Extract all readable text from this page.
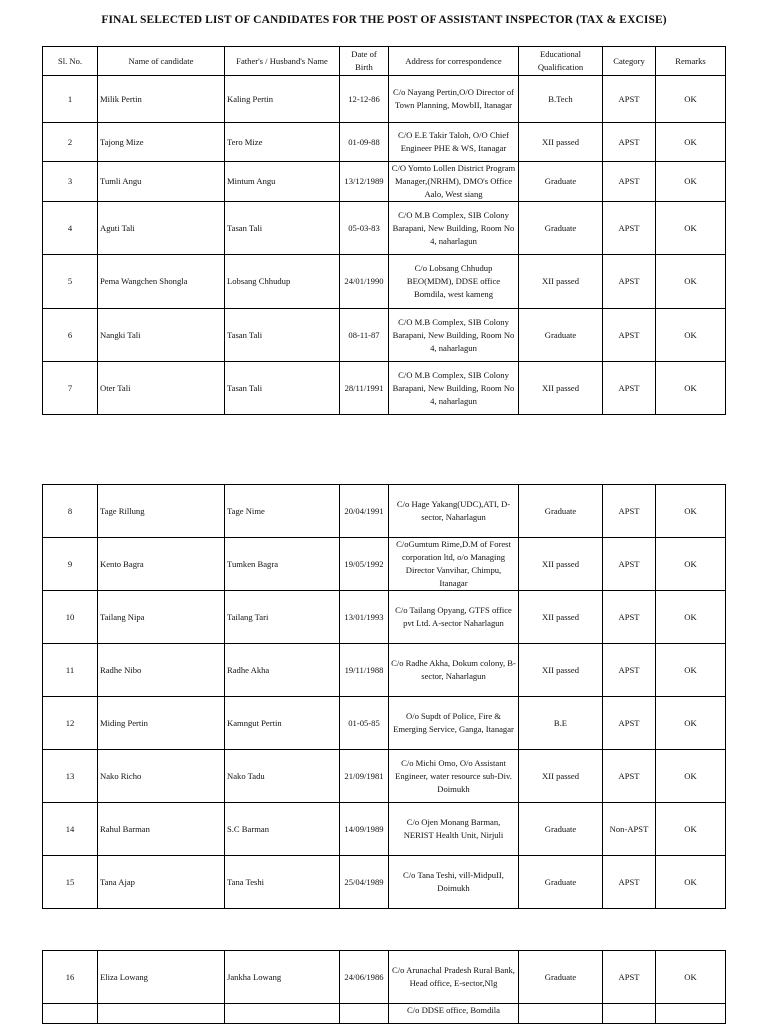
FINAL SELECTED LIST OF CANDIDATES FOR THE POST OF ASSISTANT INSPECTOR (TAX & EXCISE)
Sl. No.	Name of candidate	Father's / Husband's Name	Date of Birth	Address for correspondence	Educational Qualification	Category	Remarks
1	Milik Pertin	Kaling Pertin	12-12-86	C/o Nayang Pertin,O/O Director of Town Planning, MowbII, Itanagar	B.Tech	APST	OK
2	Tajong Mize	Tero Mize	01-09-88	C/O E.E Takir Taloh, O/O Chief Engineer PHE & WS, Itanagar	XII passed	APST	OK
3	Tumli Angu	Mintum Angu	13/12/1989	C/O Yomto Lollen District Program Manager,(NRHM), DMO's Office Aalo, West siang	Graduate	APST	OK
4	Aguti Tali	Tasan Tali	05-03-83	C/O M.B Complex, SIB Colony Barapani, New Building, Room No 4, naharlagun	Graduate	APST	OK
5	Pema Wangchen Shongla	Lobsang Chhudup	24/01/1990	C/o Lobsang Chhudup BEO(MDM), DDSE office Bomdila, west kameng	XII passed	APST	OK
6	Nangki Tali	Tasan Tali	08-11-87	C/O M.B Complex, SIB Colony Barapani, New Building, Room No 4, naharlagun	Graduate	APST	OK
7	Oter Tali	Tasan Tali	28/11/1991	C/O M.B Complex, SIB Colony Barapani, New Building, Room No 4, naharlagun	XII passed	APST	OK
8	Tage Rillung	Tage Nime	20/04/1991	C/o Hage Yakang(UDC),ATI, D- sector, Naharlagun	Graduate	APST	OK
9	Kento Bagra	Tumken Bagra	19/05/1992	C/oGumtum Rime,D.M of Forest corporation ltd, o/o Managing Director Vanvihar, Chimpu, Itanagar	XII passed	APST	OK
10	Tailang Nipa	Tailang Tari	13/01/1993	C/o Tailang Opyang, GTFS office pvt Ltd. A-sector Naharlagun	XII passed	APST	OK
11	Radhe Nibo	Radhe Akha	19/11/1988	C/o Radhe Akha, Dokum colony, B-sector, Naharlagun	XII passed	APST	OK
12	Miding Pertin	Kamngut Pertin	01-05-85	O/o Supdt of Police, Fire & Emerging Service, Ganga, Itanagar	B.E	APST	OK
13	Nako Richo	Nako Tadu	21/09/1981	C/o Michi Omo, O/o Assistant Engineer, water resource sub-Div. Doimukh	XII passed	APST	OK
14	Rahul Barman	S.C Barman	14/09/1989	C/o Ojen Monang Barman, NERIST Health Unit, Nirjuli	Graduate	Non-APST	OK
15	Tana Ajap	Tana Teshi	25/04/1989	C/o Tana Teshi, vill-MidpuII, Doimukh	Graduate	APST	OK
16	Eliza Lowang	Jankha Lowang	24/06/1986	C/o Arunachal Pradesh Rural Bank, Head office, E-sector,Nlg	Graduate	APST	OK
				C/o DDSE office, Bomdila			
